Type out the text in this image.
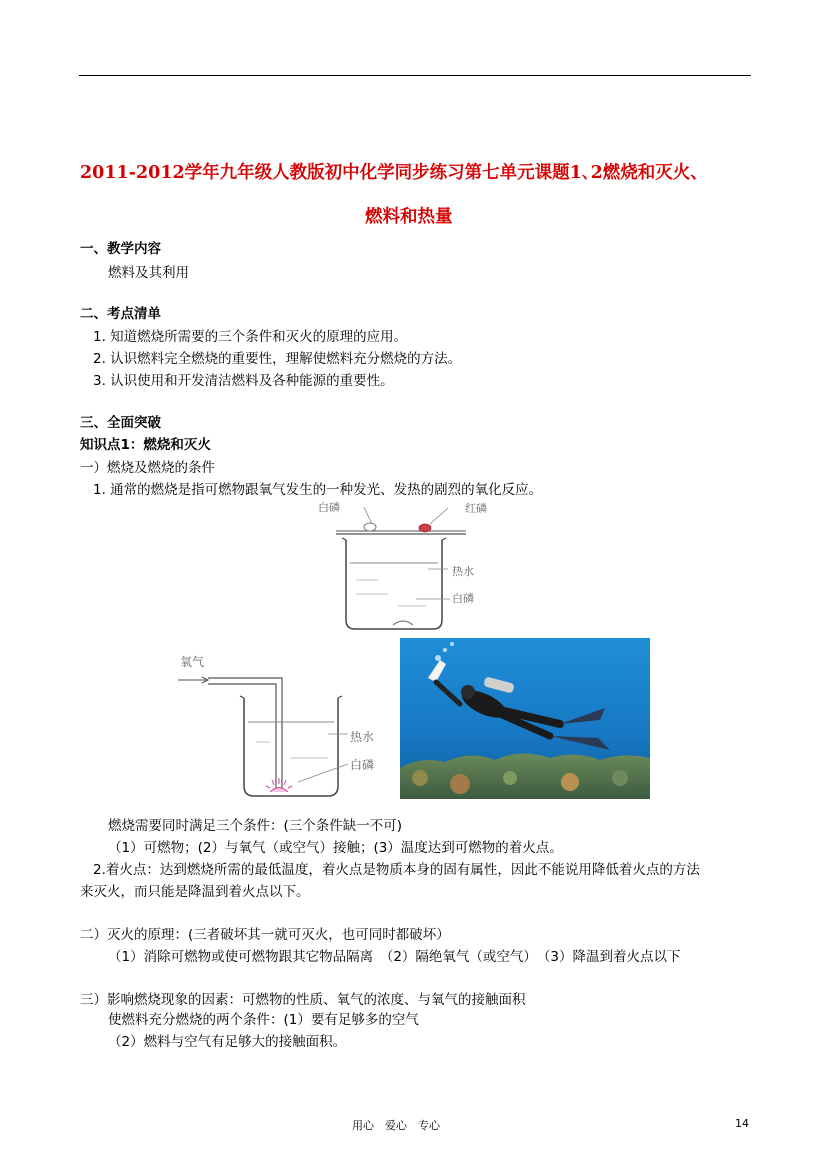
2011-2012学年九年级人教版初中化学同步练习第七单元课题1､2燃烧和灭火、
燃料和热量
一、教学内容
燃料及其利用
二、考点清单
1. 知道燃烧所需要的三个条件和灭火的原理的应用。
2. 认识燃料完全燃烧的重要性，理解使燃料充分燃烧的方法。
3. 认识使用和开发清洁燃料及各种能源的重要性。
三、全面突破
知识点1：燃烧和灭火
一）燃烧及燃烧的条件
1. 通常的燃烧是指可燃物跟氧气发生的一种发光、发热的剧烈的氧化反应。
白磷	红磷
热水
白磷
氧气
热水
白磷
燃烧需要同时满足三个条件：(三个条件缺一不可)
（1）可燃物；(2）与氧气（或空气）接触；(3）温度达到可燃物的着火点。
2.着火点：达到燃烧所需的最低温度，着火点是物质本身的固有属性，因此不能说用降低着火点的方法
来灭火，而只能是降温到着火点以下。
二）灭火的原理：(三者破坏其一就可灭火，也可同时都破坏）
（1）消除可燃物或使可燃物跟其它物品隔离　（2）隔绝氧气（或空气）　（3）降温到着火点以下
三）影响燃烧现象的因素：可燃物的性质、氧气的浓度、与氧气的接触面积
使燃料充分燃烧的两个条件：(1）要有足够多的空气
（2）燃料与空气有足够大的接触面积。
用心　爱心　专心	14
